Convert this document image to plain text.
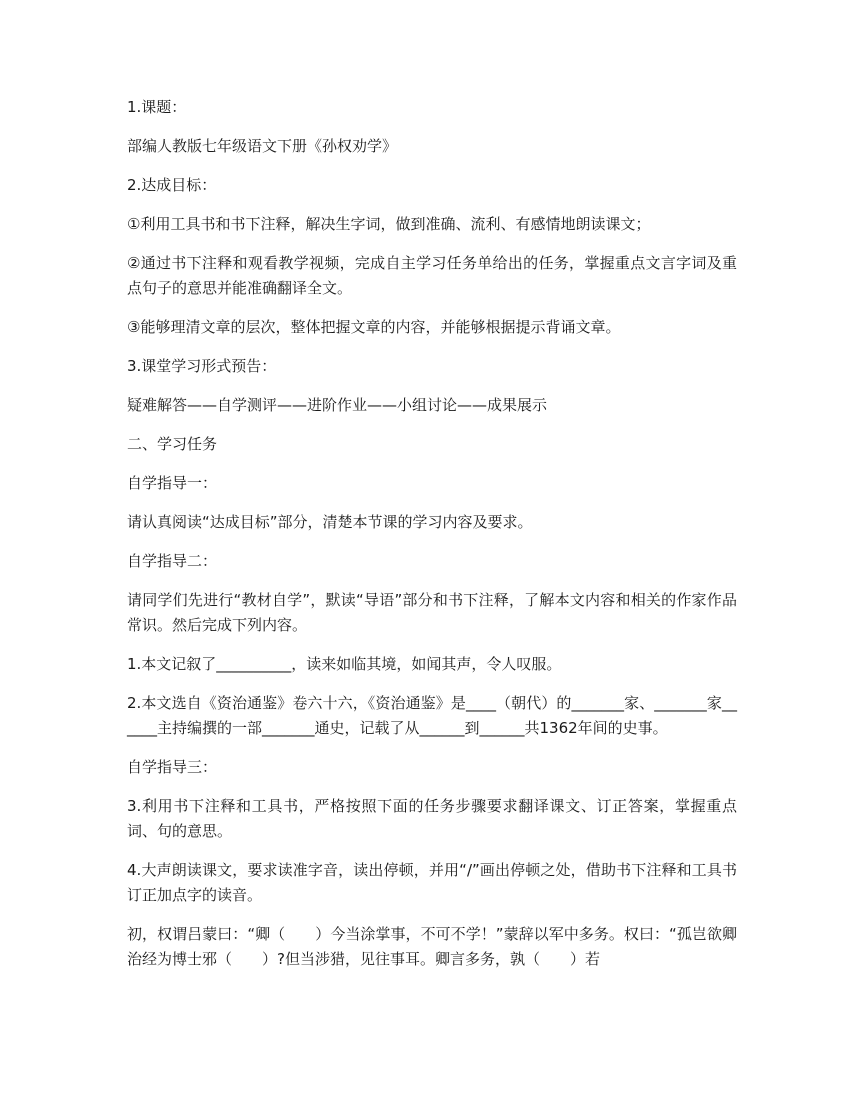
1.课题：

部编人教版七年级语文下册《孙权劝学》

2.达成目标：

①利用工具书和书下注释，解决生字词，做到准确、流利、有感情地朗读课文；

②通过书下注释和观看教学视频，完成自主学习任务单给出的任务，掌握重点文言字词及重点句子的意思并能准确翻译全文。

③能够理清文章的层次，整体把握文章的内容，并能够根据提示背诵文章。

3.课堂学习形式预告：

疑难解答——自学测评——进阶作业——小组讨论——成果展示

二、学习任务

自学指导一：

请认真阅读“达成目标”部分，清楚本节课的学习内容及要求。

自学指导二：

请同学们先进行“教材自学”，默读“导语”部分和书下注释，了解本文内容和相关的作家作品常识。然后完成下列内容。

1.本文记叙了__________，读来如临其境，如闻其声，令人叹服。

2.本文选自《资治通鉴》卷六十六，《资治通鉴》是____（朝代）的_______家、_______家______主持编撰的一部_______通史，记载了从______到______共1362年间的史事。

自学指导三：

3.利用书下注释和工具书，严格按照下面的任务步骤要求翻译课文、订正答案，掌握重点词、句的意思。

4.大声朗读课文，要求读准字音，读出停顿，并用“/”画出停顿之处，借助书下注释和工具书订正加点字的读音。

初，权谓吕蒙曰：“卿（　　）今当涂掌事，不可不学！”蒙辞以军中多务。权曰：“孤岂欲卿治经为博士邪（　　）?但当涉猎，见往事耳。卿言多务，孰（　　）若
